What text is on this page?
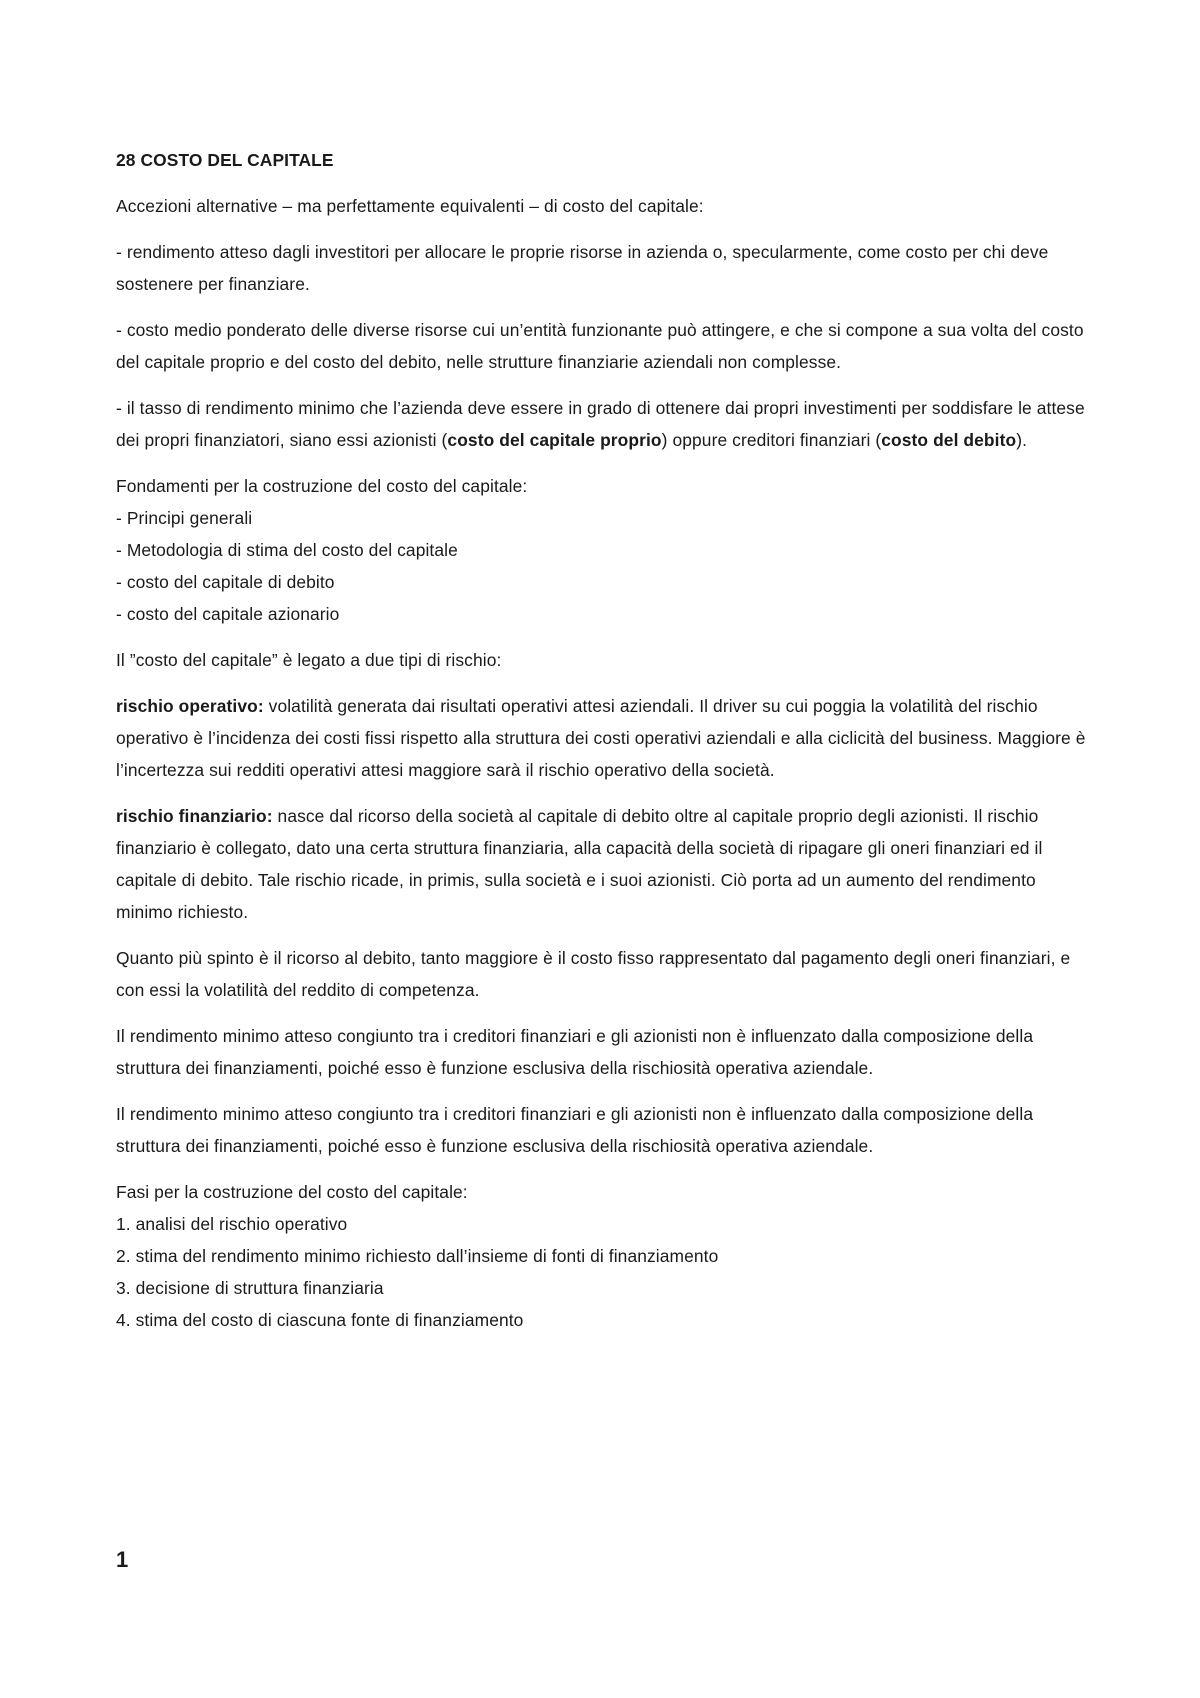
28 COSTO DEL CAPITALE

Accezioni alternative – ma perfettamente equivalenti – di costo del capitale:

- rendimento atteso dagli investitori per allocare le proprie risorse in azienda o, specularmente, come costo per chi deve sostenere per finanziare.

- costo medio ponderato delle diverse risorse cui un’entità funzionante può attingere, e che si compone a sua volta del costo del capitale proprio e del costo del debito, nelle strutture finanziarie aziendali non complesse.

- il tasso di rendimento minimo che l’azienda deve essere in grado di ottenere dai propri investimenti per soddisfare le attese dei propri finanziatori, siano essi azionisti (costo del capitale proprio) oppure creditori finanziari (costo del debito).

Fondamenti per la costruzione del costo del capitale:
- Principi generali
- Metodologia di stima del costo del capitale
- costo del capitale di debito
- costo del capitale azionario

Il ”costo del capitale” è legato a due tipi di rischio:

rischio operativo: volatilità generata dai risultati operativi attesi aziendali. Il driver su cui poggia la volatilità del rischio operativo è l’incidenza dei costi fissi rispetto alla struttura dei costi operativi aziendali e alla ciclicità del business. Maggiore è l’incertezza sui redditi operativi attesi maggiore sarà il rischio operativo della società.

rischio finanziario: nasce dal ricorso della società al capitale di debito oltre al capitale proprio degli azionisti. Il rischio finanziario è collegato, dato una certa struttura finanziaria, alla capacità della società di ripagare gli oneri finanziari ed il capitale di debito. Tale rischio ricade, in primis, sulla società e i suoi azionisti. Ciò porta ad un aumento del rendimento minimo richiesto.

Quanto più spinto è il ricorso al debito, tanto maggiore è il costo fisso rappresentato dal pagamento degli oneri finanziari, e con essi la volatilità del reddito di competenza.

Il rendimento minimo atteso congiunto tra i creditori finanziari e gli azionisti non è influenzato dalla composizione della struttura dei finanziamenti, poiché esso è funzione esclusiva della rischiosità operativa aziendale.

Il rendimento minimo atteso congiunto tra i creditori finanziari e gli azionisti non è influenzato dalla composizione della struttura dei finanziamenti, poiché esso è funzione esclusiva della rischiosità operativa aziendale.

Fasi per la costruzione del costo del capitale:
1. analisi del rischio operativo
2. stima del rendimento minimo richiesto dall’insieme di fonti di finanziamento
3. decisione di struttura finanziaria
4. stima del costo di ciascuna fonte di finanziamento
1
